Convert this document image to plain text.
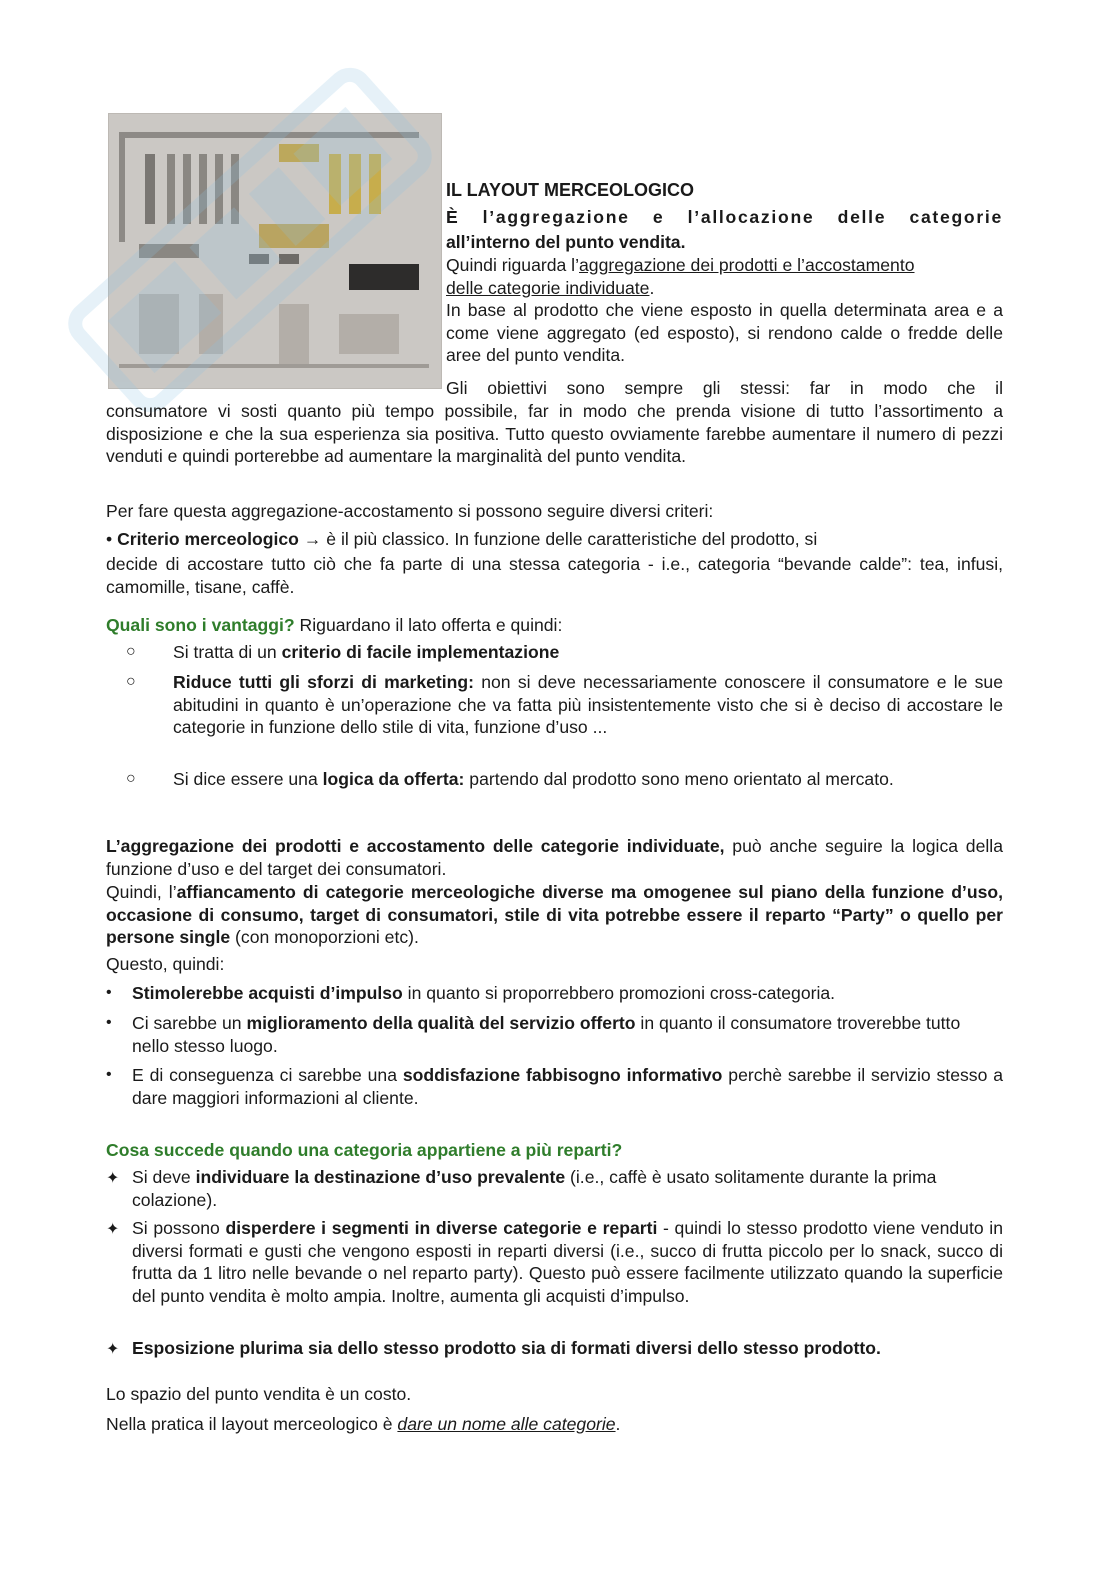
IL LAYOUT MERCEOLOGICO
È l’aggregazione e l’allocazione delle categorie
all’interno del punto vendita.
Quindi riguarda l’aggregazione dei prodotti e l’accostamento
delle categorie individuate.
In base al prodotto che viene esposto in quella determinata area e a come viene aggregato (ed esposto), si rendono calde o fredde delle aree del punto vendita.
Gli obiettivi sono sempre gli stessi: far in modo che il
consumatore vi sosti quanto più tempo possibile, far in modo che prenda visione di tutto l’assortimento a disposizione e che la sua esperienza sia positiva. Tutto questo ovviamente farebbe aumentare il numero di pezzi venduti e quindi porterebbe ad aumentare la marginalità del punto vendita.
Per fare questa aggregazione-accostamento si possono seguire diversi criteri:
• Criterio merceologico → è il più classico. In funzione delle caratteristiche del prodotto, si
decide di accostare tutto ciò che fa parte di una stessa categoria - i.e., categoria “bevande calde”: tea, infusi, camomille, tisane, caffè.
Quali sono i vantaggi? Riguardano il lato offerta e quindi:
○ Si tratta di un criterio di facile implementazione
○ Riduce tutti gli sforzi di marketing: non si deve necessariamente conoscere il consumatore e le sue abitudini in quanto è un’operazione che va fatta più insistentemente visto che si è deciso di accostare le categorie in funzione dello stile di vita, funzione d’uso ...
○ Si dice essere una logica da offerta: partendo dal prodotto sono meno orientato al mercato.
L’aggregazione dei prodotti e accostamento delle categorie individuate, può anche seguire la logica della funzione d’uso e del target dei consumatori.
Quindi, l’affiancamento di categorie merceologiche diverse ma omogenee sul piano della funzione d’uso, occasione di consumo, target di consumatori, stile di vita potrebbe essere il reparto “Party” o quello per persone single (con monoporzioni etc).
Questo, quindi:
• Stimolerebbe acquisti d’impulso in quanto si proporrebbero promozioni cross-categoria.
• Ci sarebbe un miglioramento della qualità del servizio offerto in quanto il consumatore troverebbe tutto nello stesso luogo.
• E di conseguenza ci sarebbe una soddisfazione fabbisogno informativo perchè sarebbe il servizio stesso a dare maggiori informazioni al cliente.
Cosa succede quando una categoria appartiene a più reparti?
✦ Si deve individuare la destinazione d’uso prevalente (i.e., caffè è usato solitamente durante la prima colazione).
✦ Si possono disperdere i segmenti in diverse categorie e reparti - quindi lo stesso prodotto viene venduto in diversi formati e gusti che vengono esposti in reparti diversi (i.e., succo di frutta piccolo per lo snack, succo di frutta da 1 litro nelle bevande o nel reparto party). Questo può essere facilmente utilizzato quando la superficie del punto vendita è molto ampia. Inoltre, aumenta gli acquisti d’impulso.
✦ Esposizione plurima sia dello stesso prodotto sia di formati diversi dello stesso prodotto.
Lo spazio del punto vendita è un costo.
Nella pratica il layout merceologico è dare un nome alle categorie.
